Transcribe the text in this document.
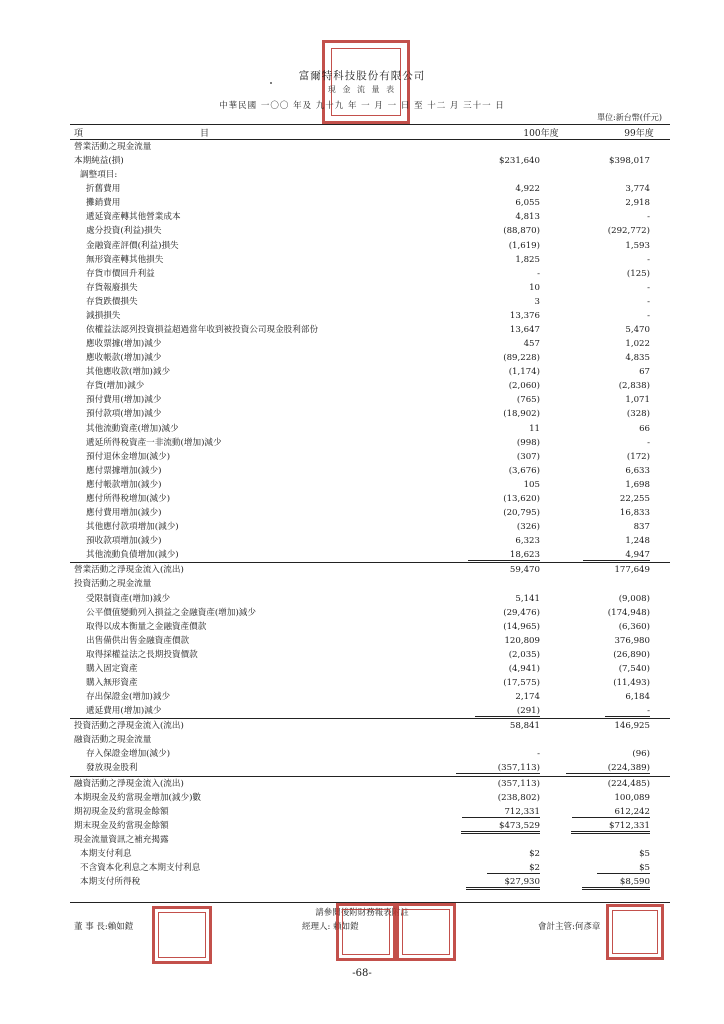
富爾特科技股份有限公司
現 金 流 量 表
中華民國 一〇〇 年及 九十九 年 一 月 一 日 至 十二 月 三十一 日
單位:新台幣(仟元)
項	目	100年度	99年度
營業活動之現金流量
本期純益(損)	$231,640	$398,017
調整項目:
折舊費用	4,922	3,774
攤銷費用	6,055	2,918
遞延資產轉其他營業成本	4,813	-
處分投資(利益)損失	(88,870)	(292,772)
金融資產評價(利益)損失	(1,619)	1,593
無形資產轉其他損失	1,825	-
存貨市價回升利益	-	(125)
存貨報廢損失	10	-
存貨跌價損失	3	-
減損損失	13,376	-
依權益法認列投資損益超過當年收到被投資公司現金股利部份	13,647	5,470
應收票據(增加)減少	457	1,022
應收帳款(增加)減少	(89,228)	4,835
其他應收款(增加)減少	(1,174)	67
存貨(增加)減少	(2,060)	(2,838)
預付費用(增加)減少	(765)	1,071
預付款項(增加)減少	(18,902)	(328)
其他流動資產(增加)減少	11	66
遞延所得稅資產一非流動(增加)減少	(998)	-
預付退休金增加(減少)	(307)	(172)
應付票據增加(減少)	(3,676)	6,633
應付帳款增加(減少)	105	1,698
應付所得稅增加(減少)	(13,620)	22,255
應付費用增加(減少)	(20,795)	16,833
其他應付款項增加(減少)	(326)	837
預收款項增加(減少)	6,323	1,248
其他流動負債增加(減少)	18,623	4,947
營業活動之淨現金流入(流出)	59,470	177,649
投資活動之現金流量
受限制資產(增加)減少	5,141	(9,008)
公平價值變動列入損益之金融資產(增加)減少	(29,476)	(174,948)
取得以成本衡量之金融資產價款	(14,965)	(6,360)
出售備供出售金融資產價款	120,809	376,980
取得採權益法之長期投資價款	(2,035)	(26,890)
購入固定資產	(4,941)	(7,540)
購入無形資產	(17,575)	(11,493)
存出保證金(增加)減少	2,174	6,184
遞延費用(增加)減少	(291)	-
投資活動之淨現金流入(流出)	58,841	146,925
融資活動之現金流量
存入保證金增加(減少)	-	(96)
發放現金股利	(357,113)	(224,389)
融資活動之淨現金流入(流出)	(357,113)	(224,485)
本期現金及約當現金增加(減少)數	(238,802)	100,089
期初現金及約當現金餘額	712,331	612,242
期末現金及約當現金餘額	$473,529	$712,331
現金流量資訊之補充揭露
本期支付利息	$2	$5
不含資本化利息之本期支付利息	$2	$5
本期支付所得稅	$27,930	$8,590
請參閱後附財務報表附註
董 事 長:賴如鎧	經理人: 賴如鎧	會計主管:何彥章
-68-
